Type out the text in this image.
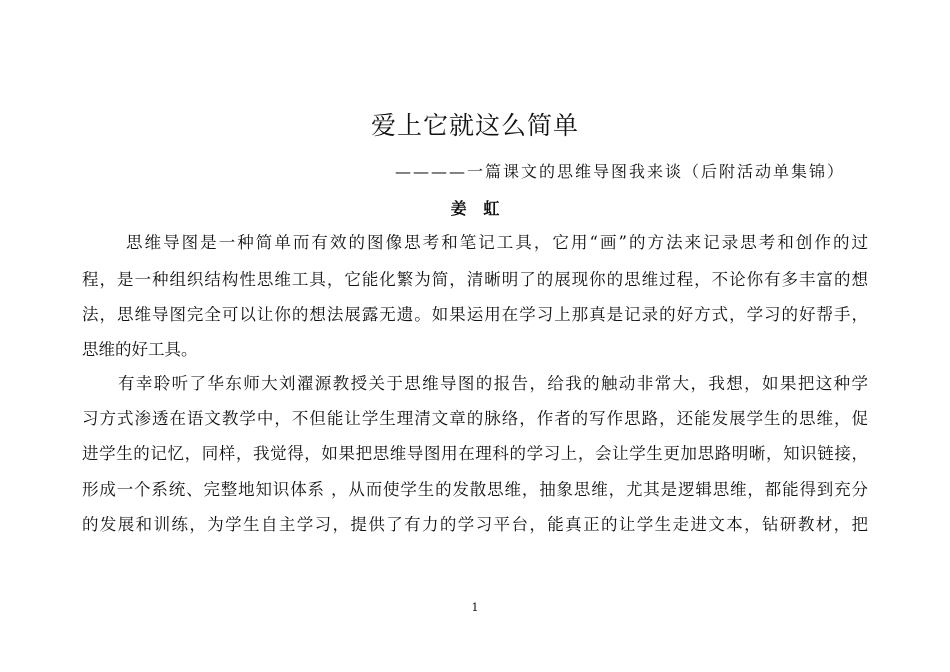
爱上它就这么简单
————一篇课文的思维导图我来谈（后附活动单集锦）
姜   虹
思维导图是一种简单而有效的图像思考和笔记工具，它用“画”的方法来记录思考和创作的过
程，是一种组织结构性思维工具，它能化繁为简，清晰明了的展现你的思维过程，不论你有多丰富的想
法，思维导图完全可以让你的想法展露无遗。如果运用在学习上那真是记录的好方式，学习的好帮手，
思维的好工具。
有幸聆听了华东师大刘濯源教授关于思维导图的报告，给我的触动非常大，我想，如果把这种学
习方式渗透在语文教学中，不但能让学生理清文章的脉络，作者的写作思路，还能发展学生的思维，促
进学生的记忆，同样，我觉得，如果把思维导图用在理科的学习上，会让学生更加思路明晰，知识链接，
形成一个系统、完整地知识体系 ，从而使学生的发散思维，抽象思维，尤其是逻辑思维，都能得到充分
的发展和训练，为学生自主学习，提供了有力的学习平台，能真正的让学生走进文本，钻研教材，把
1
